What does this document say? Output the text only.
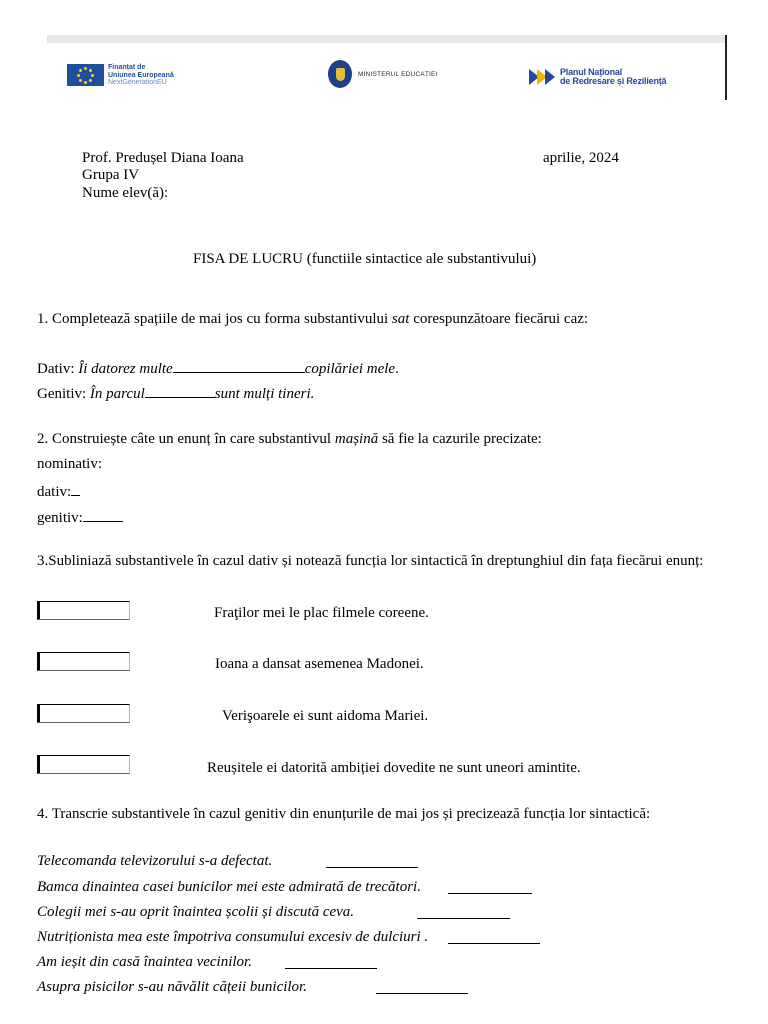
Finanțat de
Uniunea Europeană
NextGenerationEU
MINISTERUL EDUCAȚIEI	Planul Național
de Redresare și Reziliență
Prof. Predușel Diana Ioana	aprilie, 2024
Grupa IV
Nume elev(ă):
FISA DE LUCRU (functiile sintactice ale substantivului)
1. Completează spațiile de mai jos cu forma substantivului sat corespunzătoare fiecărui caz:
Dativ: Îi datorez multe	copilăriei mele.
Genitiv: În parcul	sunt mulți tineri.
2. Construiește câte un enunț în care substantivul mașină să fie la cazurile precizate:
nominativ:
dativ:
genitiv:
3.Subliniază substantivele în cazul dativ și notează funcția lor sintactică în dreptunghiul din fața fiecărui enunț:
Fraţilor mei le plac filmele coreene.
Ioana a dansat asemenea Madonei.
Verişoarele ei sunt aidoma Mariei.
Reușitele ei datorită ambiției dovedite ne sunt uneori amintite.
4. Transcrie substantivele în cazul genitiv din enunțurile de mai jos și precizează funcția lor sintactică:
Telecomanda televizorului s-a defectat.
Bamca dinaintea casei bunicilor mei este admirată de trecători.
Colegii mei s-au oprit înaintea școlii și discută ceva.
Nutriționista mea este împotriva consumului excesiv de dulciuri .
Am ieșit din casă înaintea vecinilor.
Asupra pisicilor s-au năvălit cățeii bunicilor.
